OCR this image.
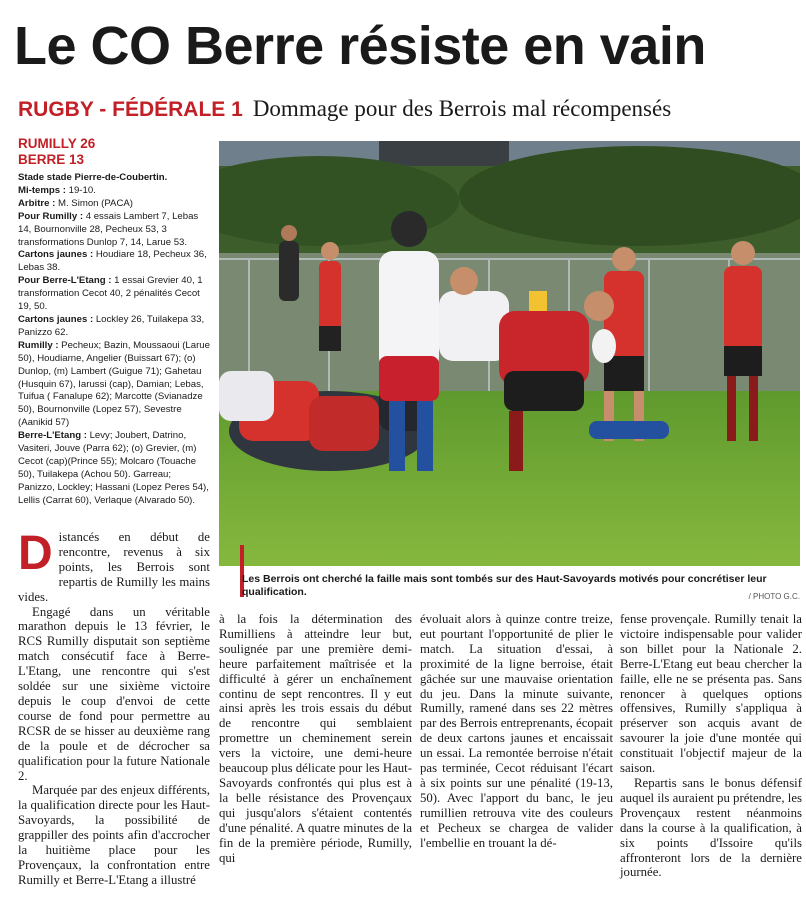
Le CO Berre résiste en vain
RUGBY - FÉDÉRALE 1 Dommage pour des Berrois mal récompensés
RUMILLY 26
BERRE 13

Stade stade Pierre-de-Coubertin.

Mi-temps : 19-10.

Arbitre : M. Simon (PACA)

Pour Rumilly : 4 essais Lambert 7, Lebas 14, Bournonville 28, Pecheux 53, 3 transformations Dunlop 7, 14, Larue 53.

Cartons jaunes : Houdiare 18, Pecheux 36, Lebas 38.

Pour Berre-L'Etang : 1 essai Grevier 40, 1 transformation Cecot 40, 2 pénalités Cecot 19, 50.

Cartons jaunes : Lockley 26, Tuilakepa 33, Panizzo 62.

Rumilly : Pecheux; Bazin, Moussaoui (Larue 50), Houdiarne, Angelier (Buissart 67); (o) Dunlop, (m) Lambert (Guigue 71); Gahetau (Husquin 67), Iarussi (cap), Damian; Lebas, Tuifua ( Fanalupe 62); Marcotte (Svianadze 50), Bournonville (Lopez 57), Sevestre (Aanikid 57)

Berre-L'Etang : Levy; Joubert, Datrino, Vasiteri, Jouve (Parra 62); (o) Grevier, (m) Cecot (cap)(Prince 55); Molcaro (Touache 50), Tuilakepa (Achou 50). Garreau; Panizzo, Lockley; Hassani (Lopez Peres 54), Lellis (Carrat 60), Verlaque (Alvarado 50).

Les Berrois ont cherché la faille mais sont tombés sur des Haut-Savoyards motivés pour concrétiser leur qualification.	/ PHOTO G.C.

Distancés en début de rencontre, revenus à six points, les Berrois sont repartis de Rumilly les mains vides.

Engagé dans un véritable marathon depuis le 13 février, le RCS Rumilly disputait son septième match consécutif face à Berre-L'Etang, une rencontre qui s'est soldée sur une sixième victoire depuis le coup d'envoi de cette course de fond pour permettre au RCSR de se hisser au deuxième rang de la poule et de décrocher sa qualification pour la future Nationale 2.

Marquée par des enjeux différents, la qualification directe pour les Haut-Savoyards, la possibilité de grappiller des points afin d'accrocher la huitième place pour les Provençaux, la confrontation entre Rumilly et Berre-L'Etang a illustré

à la fois la détermination des Rumilliens à atteindre leur but, soulignée par une première demi-heure parfaitement maîtrisée et la difficulté à gérer un enchaînement continu de sept rencontres. Il y eut ainsi après les trois essais du début de rencontre qui semblaient promettre un cheminement serein vers la victoire, une demi-heure beaucoup plus délicate pour les Haut-Savoyards confrontés qui plus est à la belle résistance des Provençaux qui jusqu'alors s'étaient contentés d'une pénalité. A quatre minutes de la fin de la première période, Rumilly, qui

évoluait alors à quinze contre treize, eut pourtant l'opportunité de plier le match. La situation d'essai, à proximité de la ligne berroise, était gâchée sur une mauvaise orientation du jeu. Dans la minute suivante, Rumilly, ramené dans ses 22 mètres par des Berrois entreprenants, écopait de deux cartons jaunes et encaissait un essai. La remontée berroise n'était pas terminée, Cecot réduisant l'écart à six points sur une pénalité (19-13, 50). Avec l'apport du banc, le jeu rumillien retrouva vite des couleurs et Pecheux se chargea de valider l'embellie en trouant la dé-

fense provençale. Rumilly tenait la victoire indispensable pour valider son billet pour la Nationale 2. Berre-L'Etang eut beau chercher la faille, elle ne se présenta pas. Sans renoncer à quelques options offensives, Rumilly s'appliqua à préserver son acquis avant de savourer la joie d'une montée qui constituait l'objectif majeur de la saison.

Repartis sans le bonus défensif auquel ils auraient pu prétendre, les Provençaux restent néanmoins dans la course à la qualification, à six points d'Issoire qu'ils affronteront lors de la dernière journée.
